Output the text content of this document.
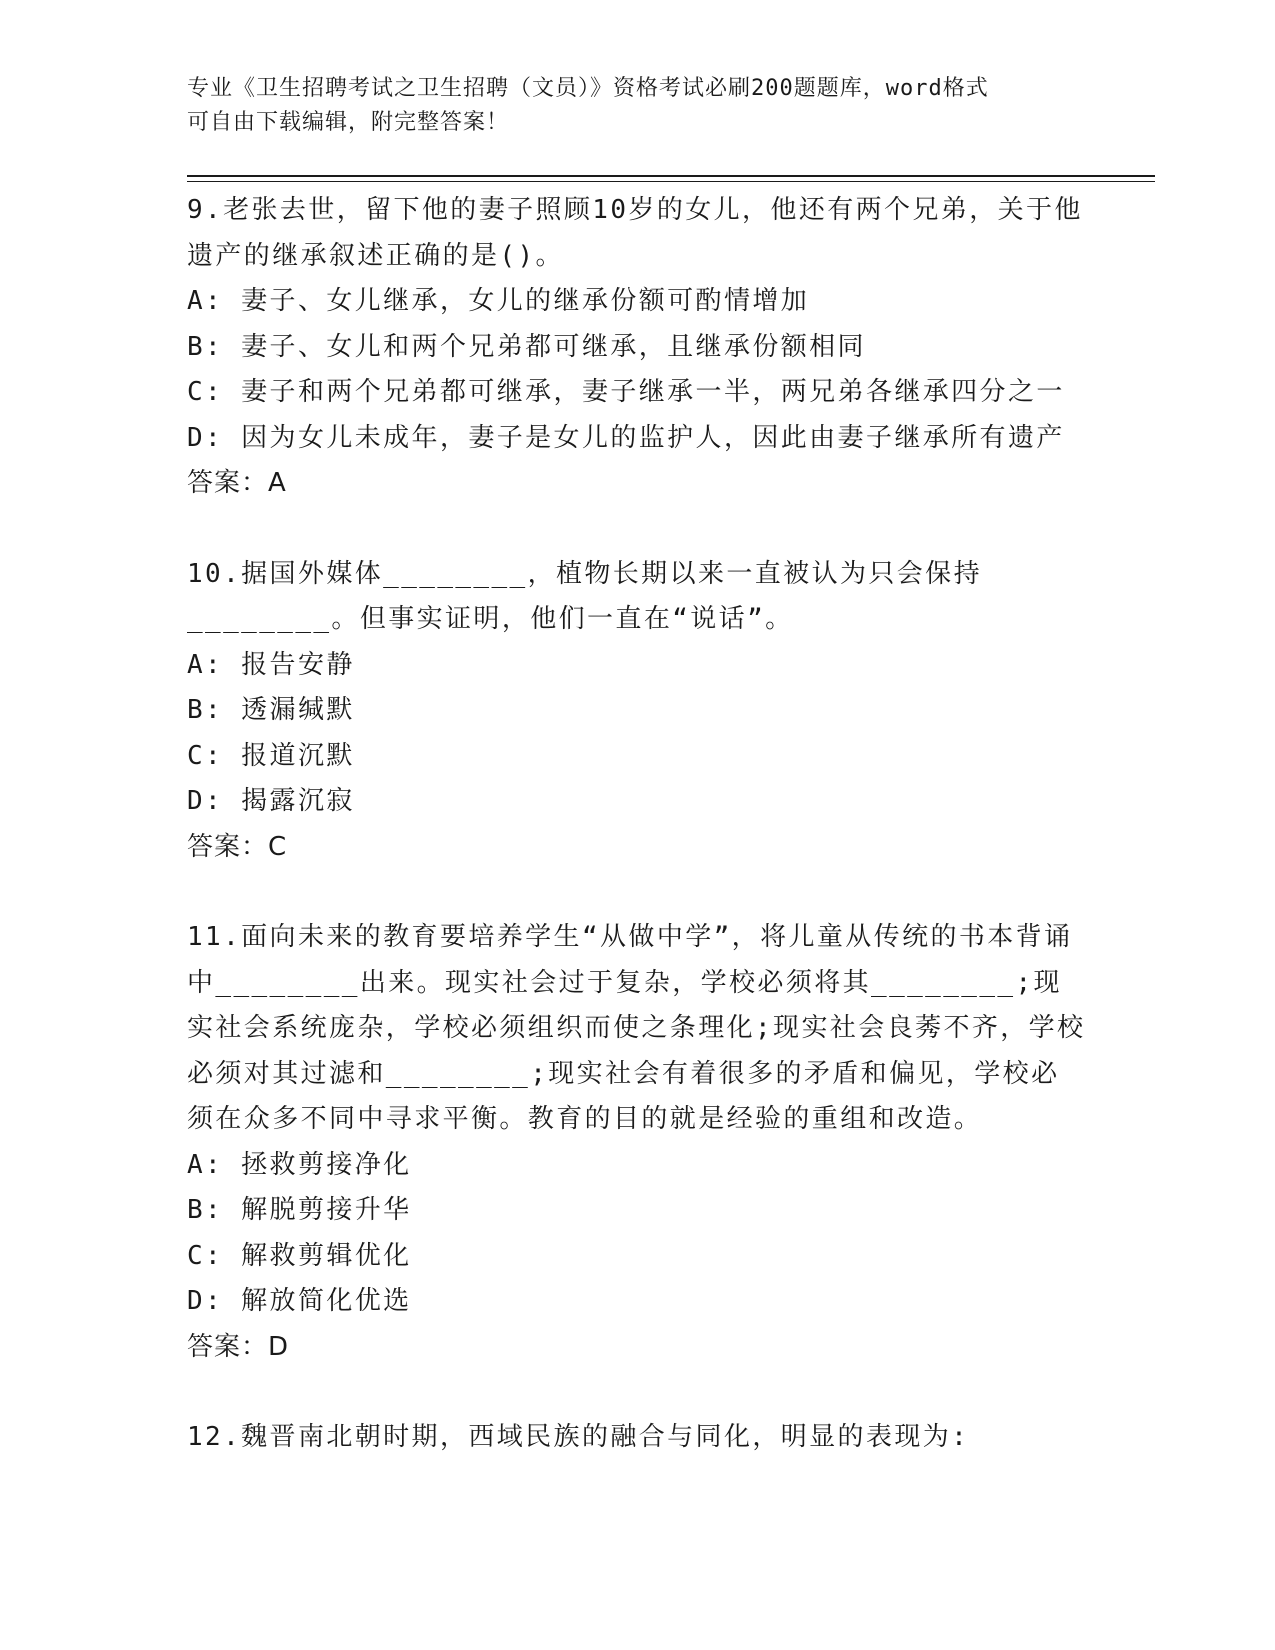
专业《卫生招聘考试之卫生招聘（文员）》资格考试必刷200题题库，word格式
可自由下载编辑，附完整答案！

9.老张去世，留下他的妻子照顾10岁的女儿，他还有两个兄弟，关于他遗产的继承叙述正确的是()。

A: 妻子、女儿继承，女儿的继承份额可酌情增加

B: 妻子、女儿和两个兄弟都可继承，且继承份额相同

C: 妻子和两个兄弟都可继承，妻子继承一半，两兄弟各继承四分之一

D: 因为女儿未成年，妻子是女儿的监护人，因此由妻子继承所有遗产

答案：A

10.据国外媒体________，植物长期以来一直被认为只会保持________。但事实证明，他们一直在“说话”。

A: 报告安静

B: 透漏缄默

C: 报道沉默

D: 揭露沉寂

答案：C

11.面向未来的教育要培养学生“从做中学”，将儿童从传统的书本背诵中________出来。现实社会过于复杂，学校必须将其________;现实社会系统庞杂，学校必须组织而使之条理化;现实社会良莠不齐，学校必须对其过滤和________;现实社会有着很多的矛盾和偏见，学校必须在众多不同中寻求平衡。教育的目的就是经验的重组和改造。

A: 拯救剪接净化

B: 解脱剪接升华

C: 解救剪辑优化

D: 解放简化优选

答案：D

12.魏晋南北朝时期，西域民族的融合与同化，明显的表现为:
